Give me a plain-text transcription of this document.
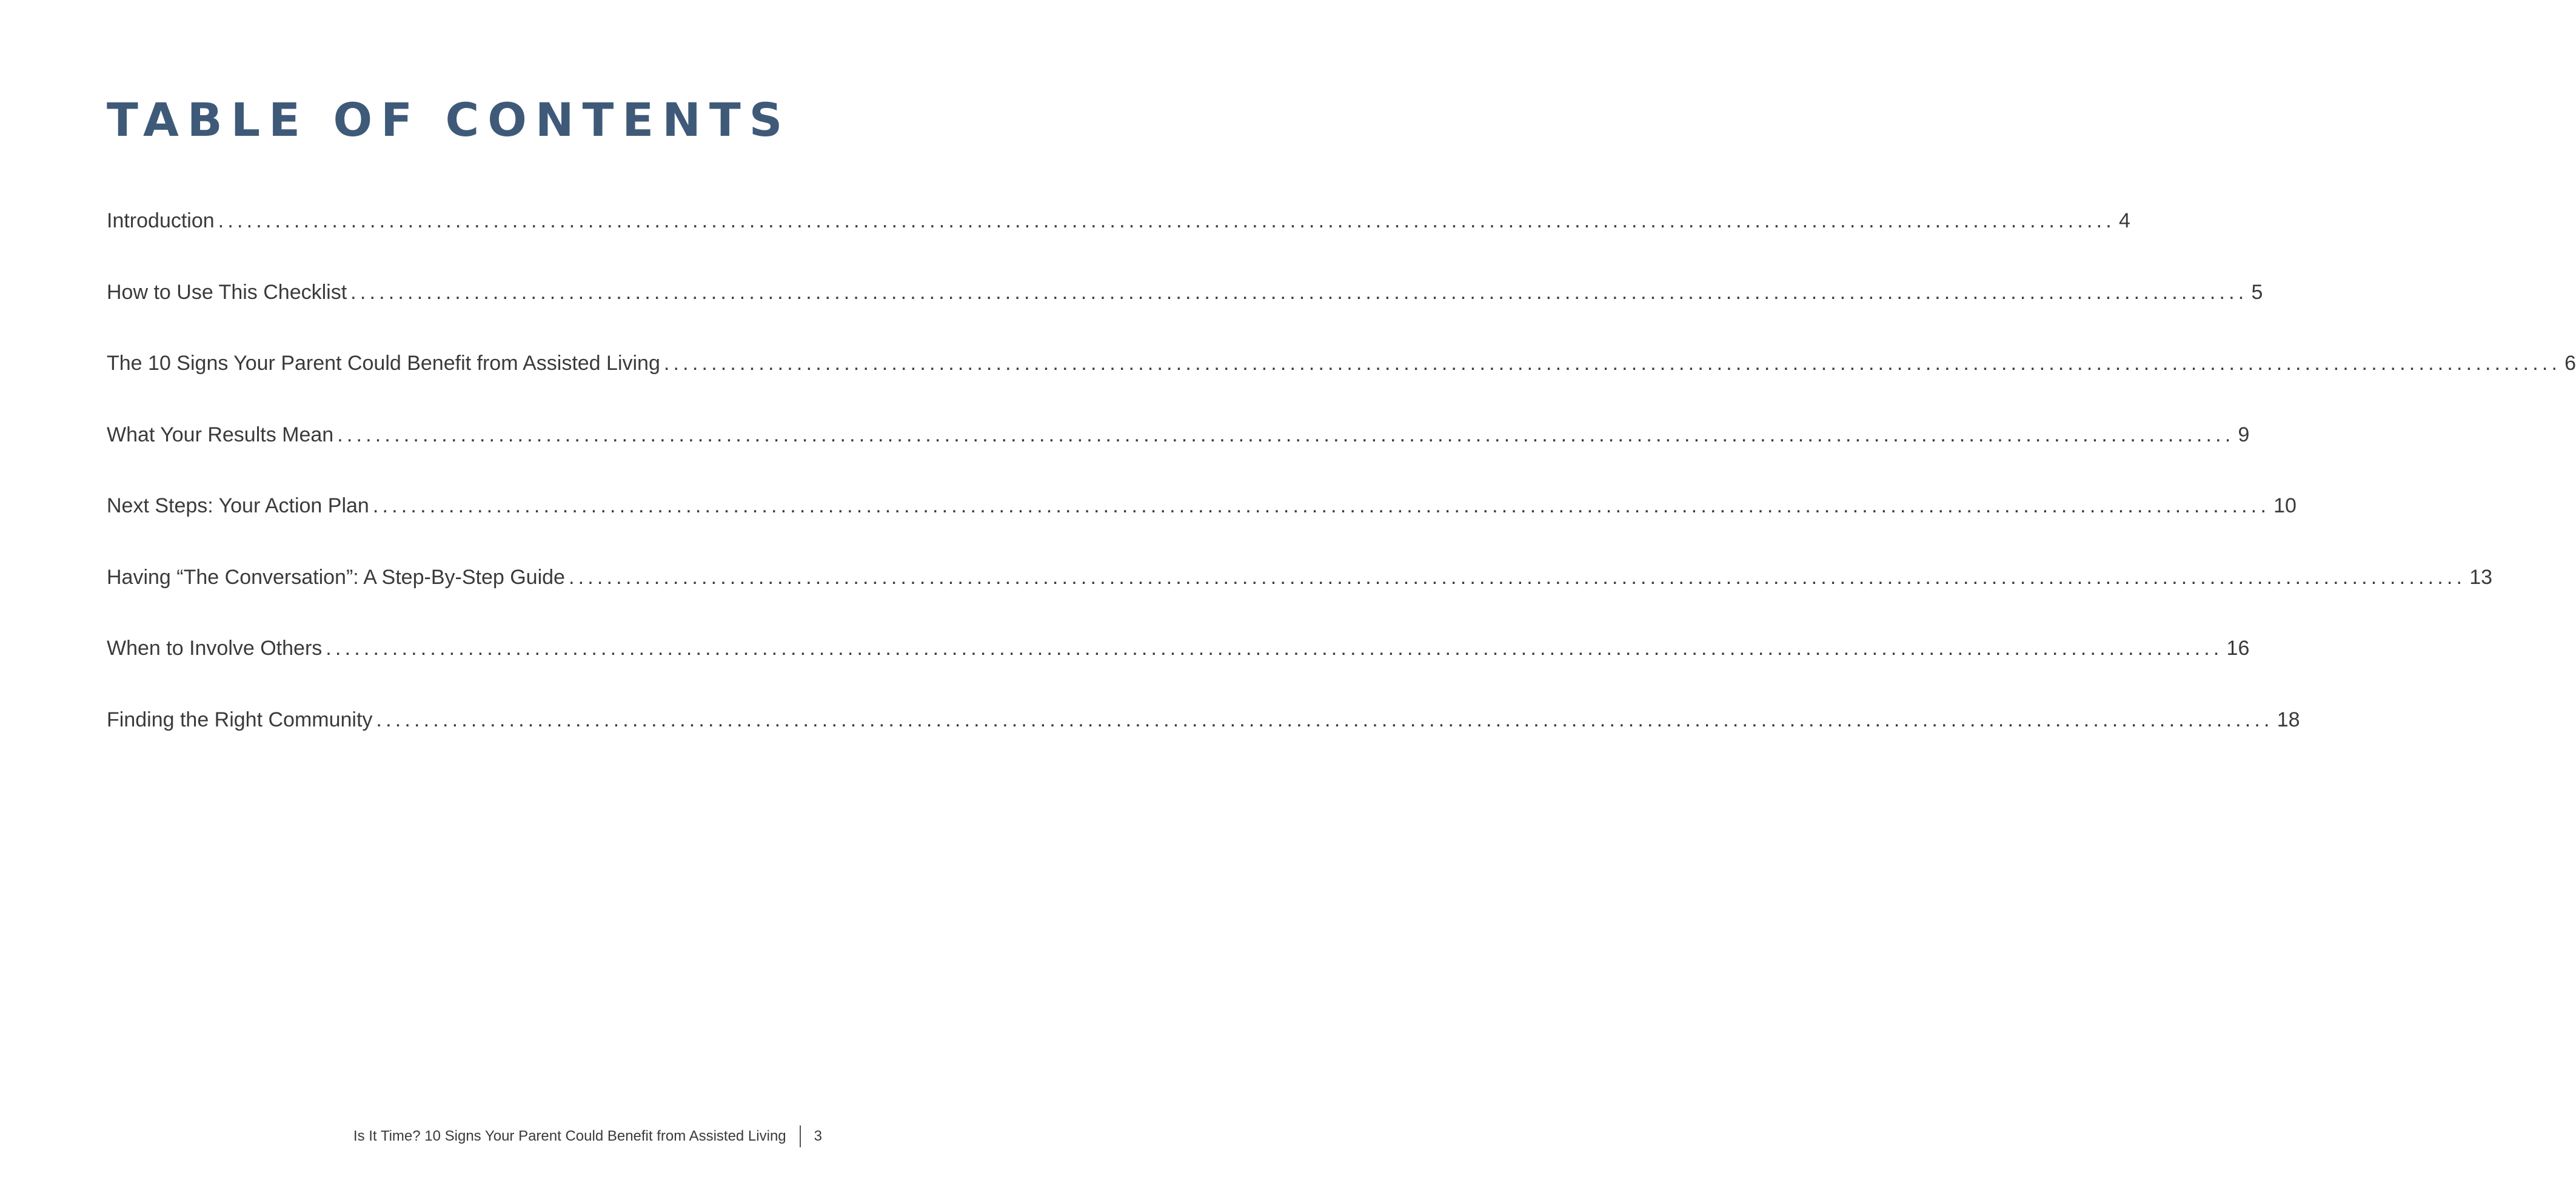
TABLE OF CONTENTS
Introduction ........................................................................................................................................................................................................ 4
How to Use This Checklist ........................................................................................................................................................................................................ 5
The 10 Signs Your Parent Could Benefit from Assisted Living ........................................................................................................................................................................................................ 6
What Your Results Mean ........................................................................................................................................................................................................ 9
Next Steps: Your Action Plan ........................................................................................................................................................................................................ 10
Having “The Conversation”: A Step-By-Step Guide ........................................................................................................................................................................................................ 13
When to Involve Others ........................................................................................................................................................................................................ 16
Finding the Right Community ........................................................................................................................................................................................................ 18
Is It Time? 10 Signs Your Parent Could Benefit from Assisted Living 3
